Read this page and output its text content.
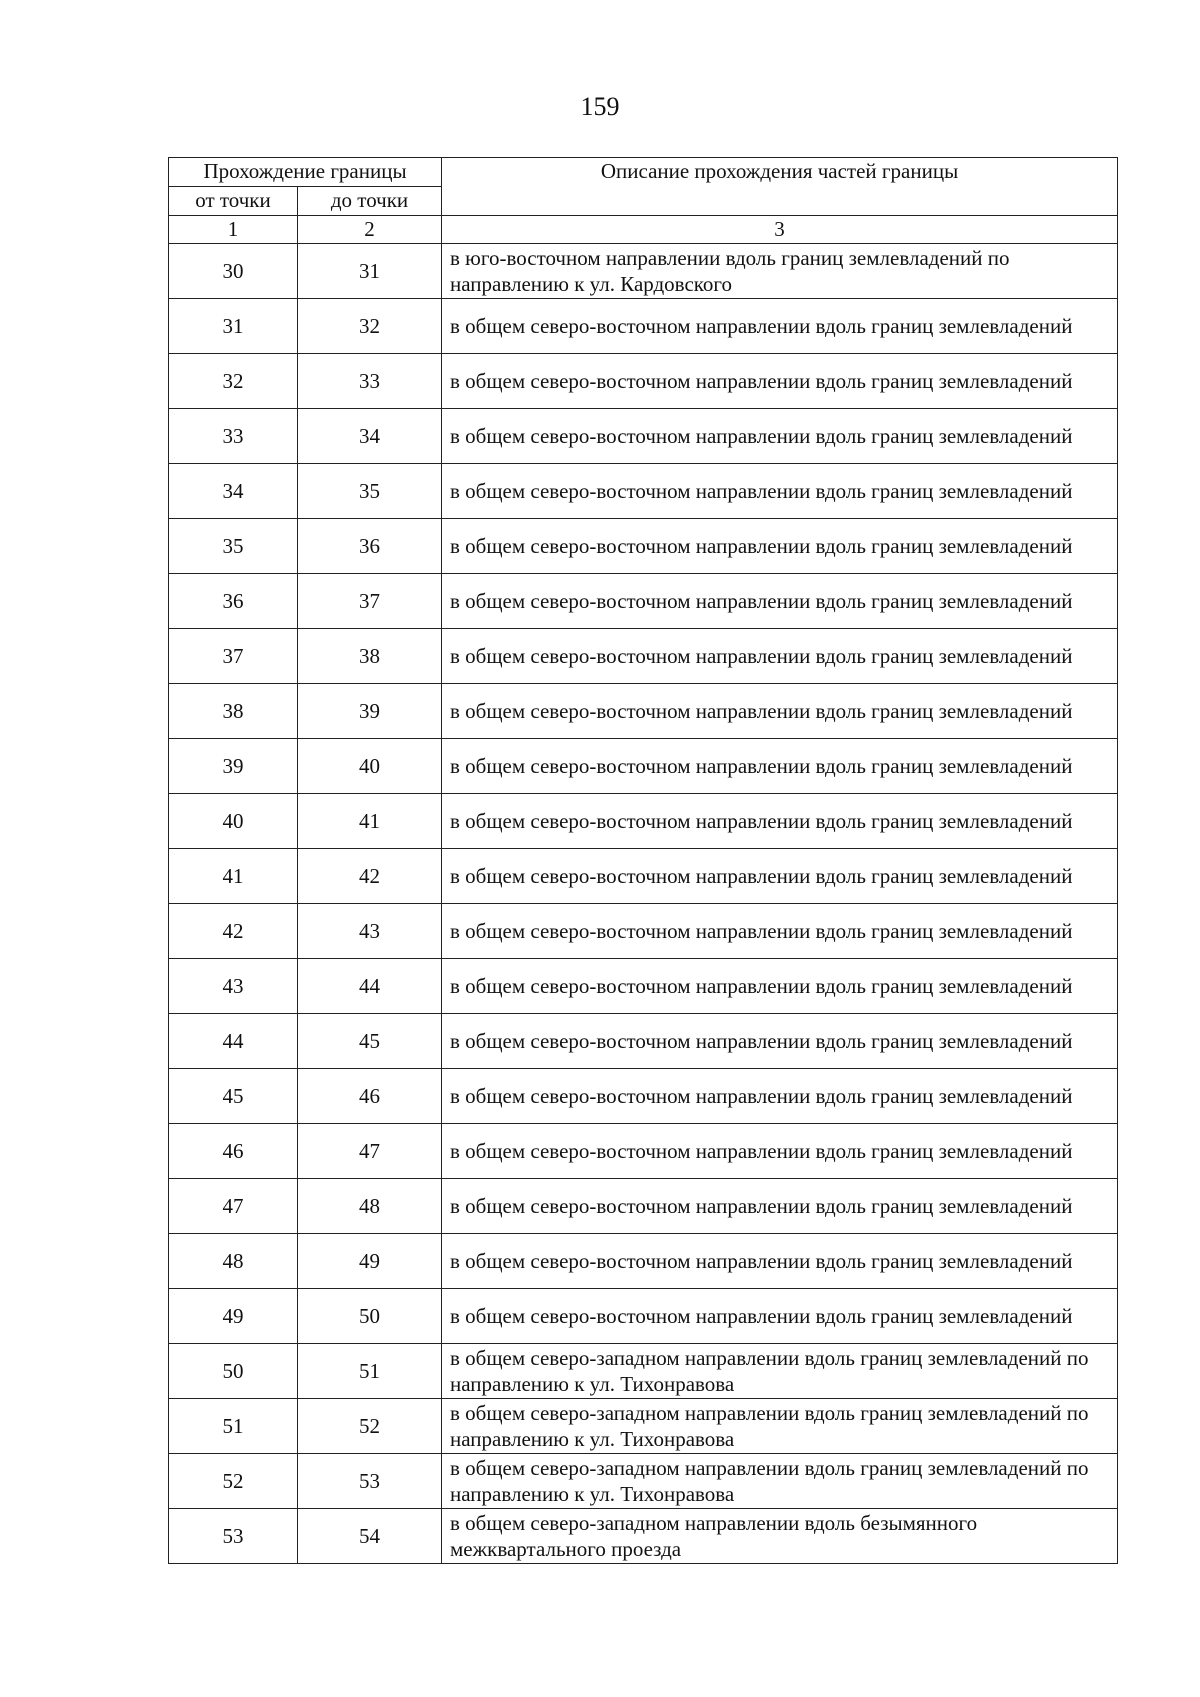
159
Прохождение границы		Описание прохождения частей границы
от точки	до точки	
1	2	3
30	31	в юго-восточном направлении вдоль границ землевладений по направлению к ул. Кардовского
31	32	в общем северо-восточном направлении вдоль границ землевладений
32	33	в общем северо-восточном направлении вдоль границ землевладений
33	34	в общем северо-восточном направлении вдоль границ землевладений
34	35	в общем северо-восточном направлении вдоль границ землевладений
35	36	в общем северо-восточном направлении вдоль границ землевладений
36	37	в общем северо-восточном направлении вдоль границ землевладений
37	38	в общем северо-восточном направлении вдоль границ землевладений
38	39	в общем северо-восточном направлении вдоль границ землевладений
39	40	в общем северо-восточном направлении вдоль границ землевладений
40	41	в общем северо-восточном направлении вдоль границ землевладений
41	42	в общем северо-восточном направлении вдоль границ землевладений
42	43	в общем северо-восточном направлении вдоль границ землевладений
43	44	в общем северо-восточном направлении вдоль границ землевладений
44	45	в общем северо-восточном направлении вдоль границ землевладений
45	46	в общем северо-восточном направлении вдоль границ землевладений
46	47	в общем северо-восточном направлении вдоль границ землевладений
47	48	в общем северо-восточном направлении вдоль границ землевладений
48	49	в общем северо-восточном направлении вдоль границ землевладений
49	50	в общем северо-восточном направлении вдоль границ землевладений
50	51	в общем северо-западном направлении вдоль границ землевладений по направлению к ул. Тихонравова
51	52	в общем северо-западном направлении вдоль границ землевладений по направлению к ул. Тихонравова
52	53	в общем северо-западном направлении вдоль границ землевладений по направлению к ул. Тихонравова
53	54	в общем северо-западном направлении вдоль безымянного межквартального проезда
